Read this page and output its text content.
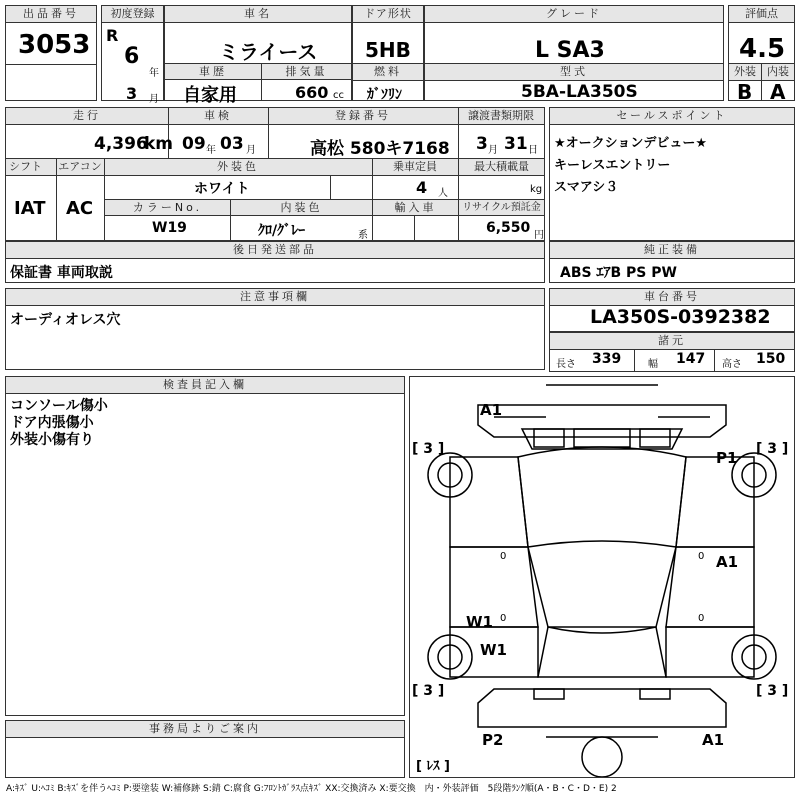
出品番号
3053
初度登録
R
6
年
3 月
車名
ミライース
車歴	排気量
自家用	660 cc
ドア形状
5HB
燃料
ｶﾞｿﾘﾝ
グレード
L SA3
型式
5BA-LA350S
評価点
4.5
外装	内装
B A
走行	車検	登録番号	譲渡書類期限
4,396
km 09 年 03 月	高松 580キ7168 3 月 31 日
シフト	エアコン	外装色	乗車定員	最大積載量
IAT AC
ホワイト	4 人	kg
カラーNo.	内装色	輸入車	リサイクル預託金
W19	ｸﾛ/ｸﾞﾚｰ	系	6,550 円
セールスポイント
★オークションデビュー★
キーレスエントリー
スマアシ３
後日発送部品
保証書 車両取説
純正装備
ABS ｴｱB PS PW
注意事項欄
オーディオレス穴
車台番号
LA350S-0392382
諸元
長さ 339	幅 147 高さ 150
検査員記入欄
コンソール傷小
ドア内張傷小
外装小傷有り
事務局よりご案内
A1
P1
A1
W1
W1
P2	A1
[ 3 ]	[ 3 ]
[ 3 ]	[ 3 ]
[ ﾚｽ ]
0	0
0	0
A:ｷｽﾞ U:ﾍｺﾐ B:ｷｽﾞを伴うﾍｺﾐ P:要塗装 W:補修跡 S:錆 C:腐食 G:ﾌﾛﾝﾄｶﾞﾗｽ点ｷｽﾞ XX:交換済み X:要交換　内・外装評価　5段階ﾗﾝｸ順(A・B・C・D・E) 2
